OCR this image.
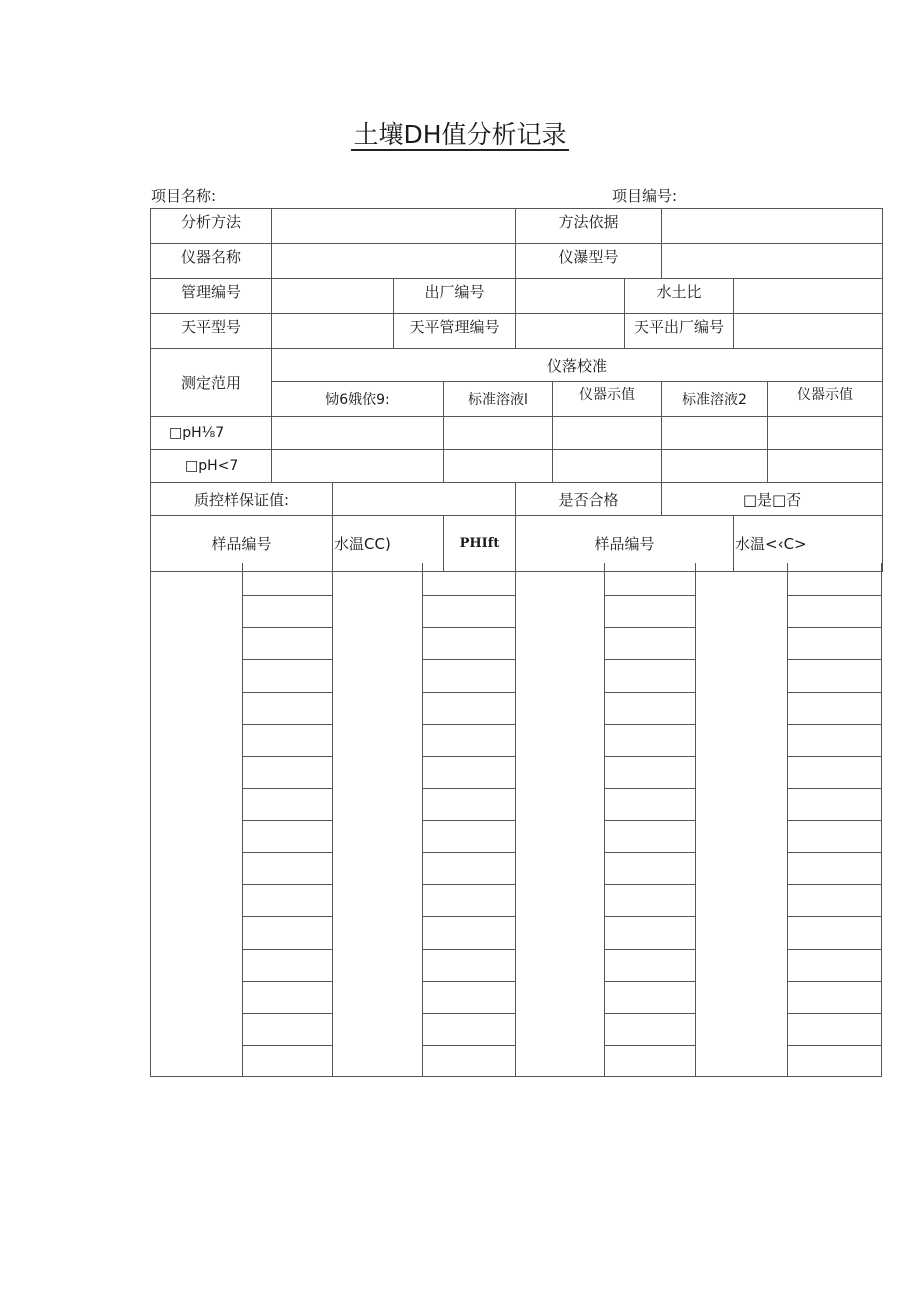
土壤DH值分析记录
项目名称:	项目编号:
分析方法					方法依据						
仪器名称					仪瀑型号						
管理编号			出厂编号				水土比				
天平型号			天平管理编号				天平出厂编号				
测定范用	仪落校准										
	恸6娥依9:			标准溶液l		仪器示值		标准溶液2		仪器示值	
□pH⅛7											
□pH<7											
质控样保证值:					是否合格			□是□否			
样品编号		水温CC)		PHIft	样品编号				水温<‹C>	
